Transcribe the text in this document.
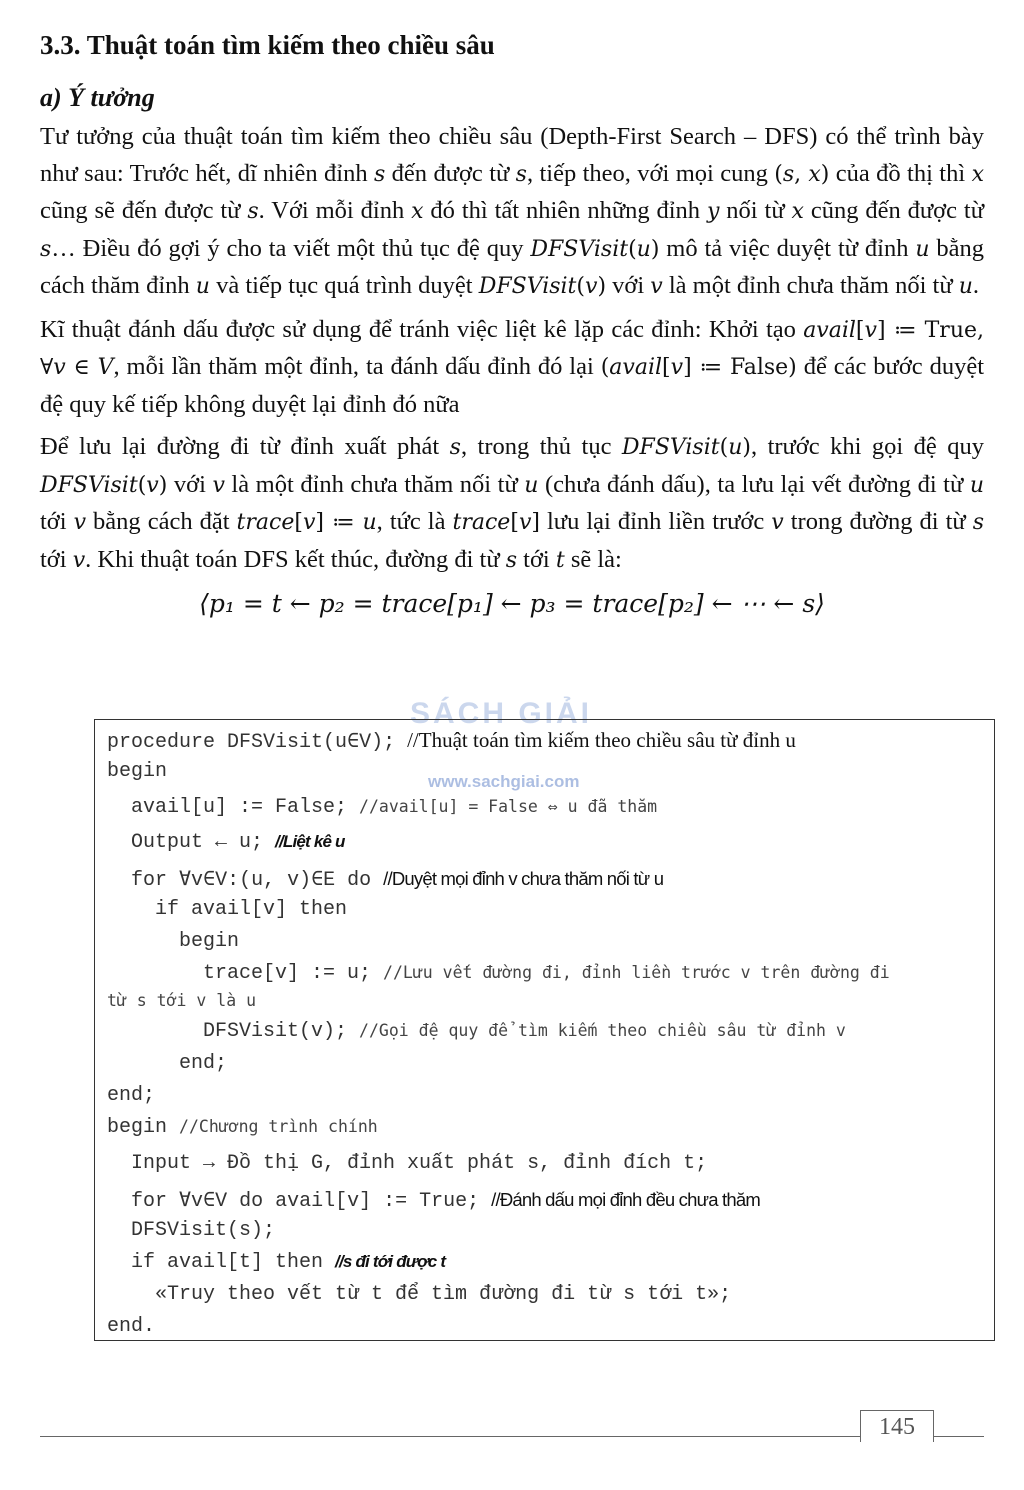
3.3. Thuật toán tìm kiếm theo chiều sâu
a) Ý tưởng
Tư tưởng của thuật toán tìm kiếm theo chiều sâu (Depth-First Search – DFS) có thể trình bày như sau: Trước hết, dĩ nhiên đỉnh s đến được từ s, tiếp theo, với mọi cung (s, x) của đồ thị thì x cũng sẽ đến được từ s. Với mỗi đỉnh x đó thì tất nhiên những đỉnh y nối từ x cũng đến được từ s… Điều đó gợi ý cho ta viết một thủ tục đệ quy DFSVisit(u) mô tả việc duyệt từ đỉnh u bằng cách thăm đỉnh u và tiếp tục quá trình duyệt DFSVisit(v) với v là một đỉnh chưa thăm nối từ u.
Kĩ thuật đánh dấu được sử dụng để tránh việc liệt kê lặp các đỉnh: Khởi tạo avail[v] ≔ True, ∀v ∈ V, mỗi lần thăm một đỉnh, ta đánh dấu đỉnh đó lại (avail[v] ≔ False) để các bước duyệt đệ quy kế tiếp không duyệt lại đỉnh đó nữa
Để lưu lại đường đi từ đỉnh xuất phát s, trong thủ tục DFSVisit(u), trước khi gọi đệ quy DFSVisit(v) với v là một đỉnh chưa thăm nối từ u (chưa đánh dấu), ta lưu lại vết đường đi từ u tới v bằng cách đặt trace[v] ≔ u, tức là trace[v] lưu lại đỉnh liền trước v trong đường đi từ s tới v. Khi thuật toán DFS kết thúc, đường đi từ s tới t sẽ là:
⟨p₁ = t ← p₂ = trace[p₁] ← p₃ = trace[p₂] ← ⋯ ← s⟩
SÁCH GIẢI
www.sachgiai.com
procedure DFSVisit(u∈V); //Thuật toán tìm kiếm theo chiều sâu từ đỉnh u
begin
avail[u] := False; //avail[u] = False ⇔ u đã thăm
Output ← u; //Liệt kê u
for ∀v∈V:(u, v)∈E do //Duyệt mọi đỉnh v chưa thăm nối từ u
if avail[v] then
begin
trace[v] := u; //Lưu vết đường đi, đỉnh liền trước v trên đường đi
từ s tới v là u
DFSVisit(v); //Gọi đệ quy để tìm kiếm theo chiều sâu từ đỉnh v
end;
end;
begin //Chương trình chính
Input → Đồ thị G, đỉnh xuất phát s, đỉnh đích t;
for ∀v∈V do avail[v] := True; //Đánh dấu mọi đỉnh đều chưa thăm
DFSVisit(s);
if avail[t] then //s đi tới được t
«Truy theo vết từ t để tìm đường đi từ s tới t»;
end.
145
